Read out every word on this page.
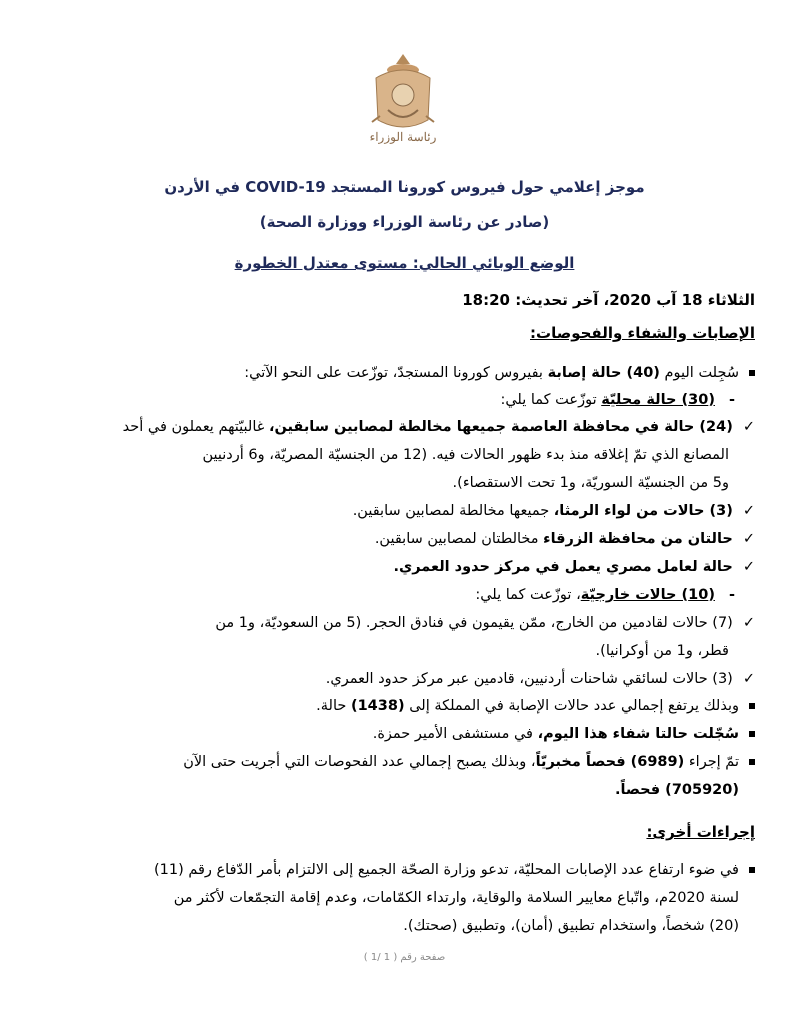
رئاسة الوزراء
موجز إعلامي حول فيروس كورونا المستجد COVID-19 في الأردن
(صادر عن رئاسة الوزراء ووزارة الصحة)
الوضع الوبائي الحالي: مستوى معتدل الخطورة
الثلاثاء 18 آب 2020، آخر تحديث: 18:20
الإصابات والشفاء والفحوصات:
سُجِلت اليوم (40) حالة إصابة بفيروس كورونا المستجدّ، توزّعت على النحو الآتي:
-(30) حالة محليّة توزّعت كما يلي:
✓(24) حالة في محافظة العاصمة جميعها مخالطة لمصابين سابقين، غالبيّتهم يعملون في أحد
المصانع الذي تمّ إغلاقه منذ بدء ظهور الحالات فيه. (12 من الجنسيّة المصريّة، و6 أردنيين
و5 من الجنسيّة السوريّة، و1 تحت الاستقصاء).
✓(3) حالات من لواء الرمثا، جميعها مخالطة لمصابين سابقين.
✓حالتان من محافظة الزرقاء مخالطتان لمصابين سابقين.
✓حالة لعامل مصري يعمل في مركز حدود العمري.
-(10) حالات خارجيّة، توزّعت كما يلي:
✓(7) حالات لقادمين من الخارج، ممّن يقيمون في فنادق الحجر. (5 من السعوديّة، و1 من
قطر، و1 من أوكرانيا).
✓(3) حالات لسائقي شاحنات أردنيين، قادمين عبر مركز حدود العمري.
وبذلك يرتفع إجمالي عدد حالات الإصابة في المملكة إلى (1438) حالة.
سُجّلت حالتا شفاء هذا اليوم، في مستشفى الأمير حمزة.
تمّ إجراء (6989) فحصاً مخبريّاً، وبذلك يصبح إجمالي عدد الفحوصات التي أجريت حتى الآن
(705920) فحصاً.
إجراءات أخرى:
في ضوء ارتفاع عدد الإصابات المحليّة، تدعو وزارة الصحّة الجميع إلى الالتزام بأمر الدّفاع رقم (11)
لسنة 2020م، واتّباع معايير السلامة والوقاية، وارتداء الكمّامات، وعدم إقامة التجمّعات لأكثر من
(20) شخصاً، واستخدام تطبيق (أمان)، وتطبيق (صحتك).
صفحة رقم ( 1 /1 )
